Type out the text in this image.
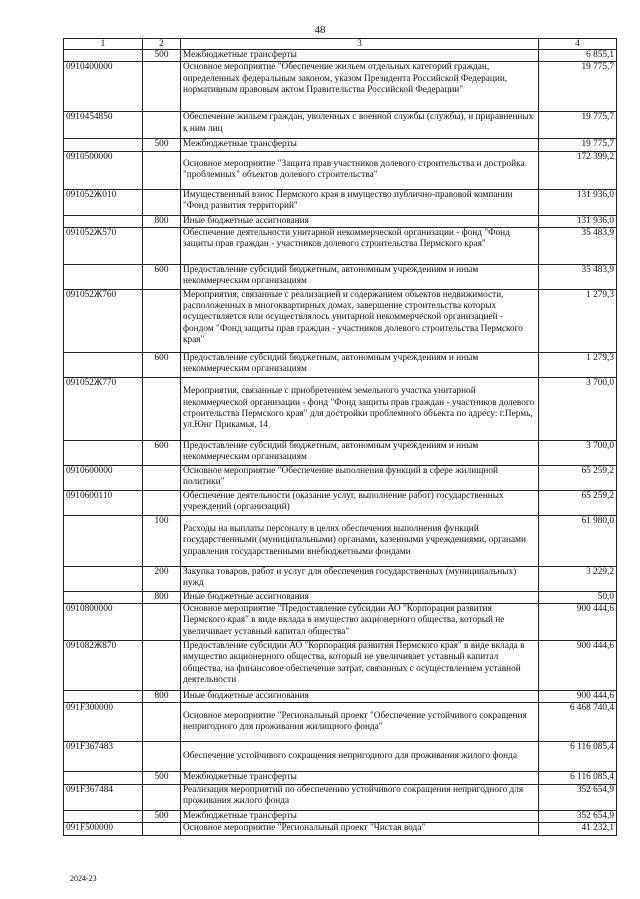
48
1	2	3	4
	500	Межбюджетные трансферты	6 855,1
0910400000		Основное мероприятие "Обеспечение жильем отдельных категорий граждан, определенных федеральным законом, указом Президента Российской Федерации, нормативным правовым актом Правительства Российской Федерации"	19 775,7
0910454850		Обеспечение жильем граждан, уволенных с военной службы (службы), и приравненных к ним лиц	19 775,7
	500	Межбюджетные трансферты	19 775,7
0910500000		Основное мероприятие "Защита прав участников долевого строительства и достройка "проблемных" объектов долевого строительства"	172 399,2
091052Ж010		Имущественный взнос Пермского края в имущество публично-правовой компании "Фонд развития территорий"	131 936,0
	800	Иные бюджетные ассигнования	131 936,0
091052Ж570		Обеспечение деятельности унитарной некоммерческой организации - фонд "Фонд защиты прав граждан - участников долевого строительства Пермского края"	35 483,9
	600	Предоставление субсидий бюджетным, автономным учреждениям и иным некоммерческим организациям	35 483,9
091052Ж760		Мероприятия, связанные с реализацией и содержанием объектов недвижимости, расположенных в многоквартирных домах, завершение строительства которых осуществляется или осуществлялось унитарной некоммерческой организацией - фондом "Фонд защиты прав граждан - участников долевого строительства Пермского края"	1 279,3
	600	Предоставление субсидий бюджетным, автономным учреждениям и иным некоммерческим организациям	1 279,3
091052Ж770		Мероприятия, связанные с приобретением земельного участка унитарной некоммерческой организации - фонд "Фонд защиты прав граждан - участников долевого строительства Пермского края" для достройки проблемного объекта по адресу: г.Пермь, ул.Юнг Прикамья, 14	3 700,0
	600	Предоставление субсидий бюджетным, автономным учреждениям и иным некоммерческим организациям	3 700,0
0910600000		Основное мероприятие "Обеспечение выполнения функций в сфере жилищной политики"	65 259,2
0910600110		Обеспечение деятельности (оказание услуг, выполнение работ) государственных учреждений (организаций)	65 259,2
	100	Расходы на выплаты персоналу в целях обеспечения выполнения функций государственными (муниципальными) органами, казенными учреждениями, органами управления государственными внебюджетными фондами	61 980,0
	200	Закупка товаров, работ и услуг для обеспечения государственных (муниципальных) нужд	3 229,2
	800	Иные бюджетные ассигнования	50,0
0910800000		Основное мероприятие "Предоставление субсидии АО "Корпорация развития Пермского края" в виде вклада в имущество акционерного общества, который не увеличивает уставный капитал общества"	900 444,6
091082Ж870		Предоставление субсидии АО "Корпорация развития Пермского края" в виде вклада в имущество акционерного общества, который не увеличивает уставный капитал общества, на финансовое обеспечение затрат, связанных с осуществлением уставной деятельности	900 444,6
	800	Иные бюджетные ассигнования	900 444,6
091F300000		Основное мероприятие "Региональный проект "Обеспечение устойчивого сокращения непригодного для проживания жилищного фонда"	6 468 740,4
091F367483		Обеспечение устойчивого сокращения непригодного для проживания жилого фонда	6 116 085,4
	500	Межбюджетные трансферты	6 116 085,4
091F367484		Реализация мероприятий по обеспечению устойчивого сокращения непригодного для проживания жилого фонда	352 654,9
	500	Межбюджетные трансферты	352 654,9
091F500000		Основное мероприятие "Региональный проект "Чистая вода"	41 232,1
2024-23
